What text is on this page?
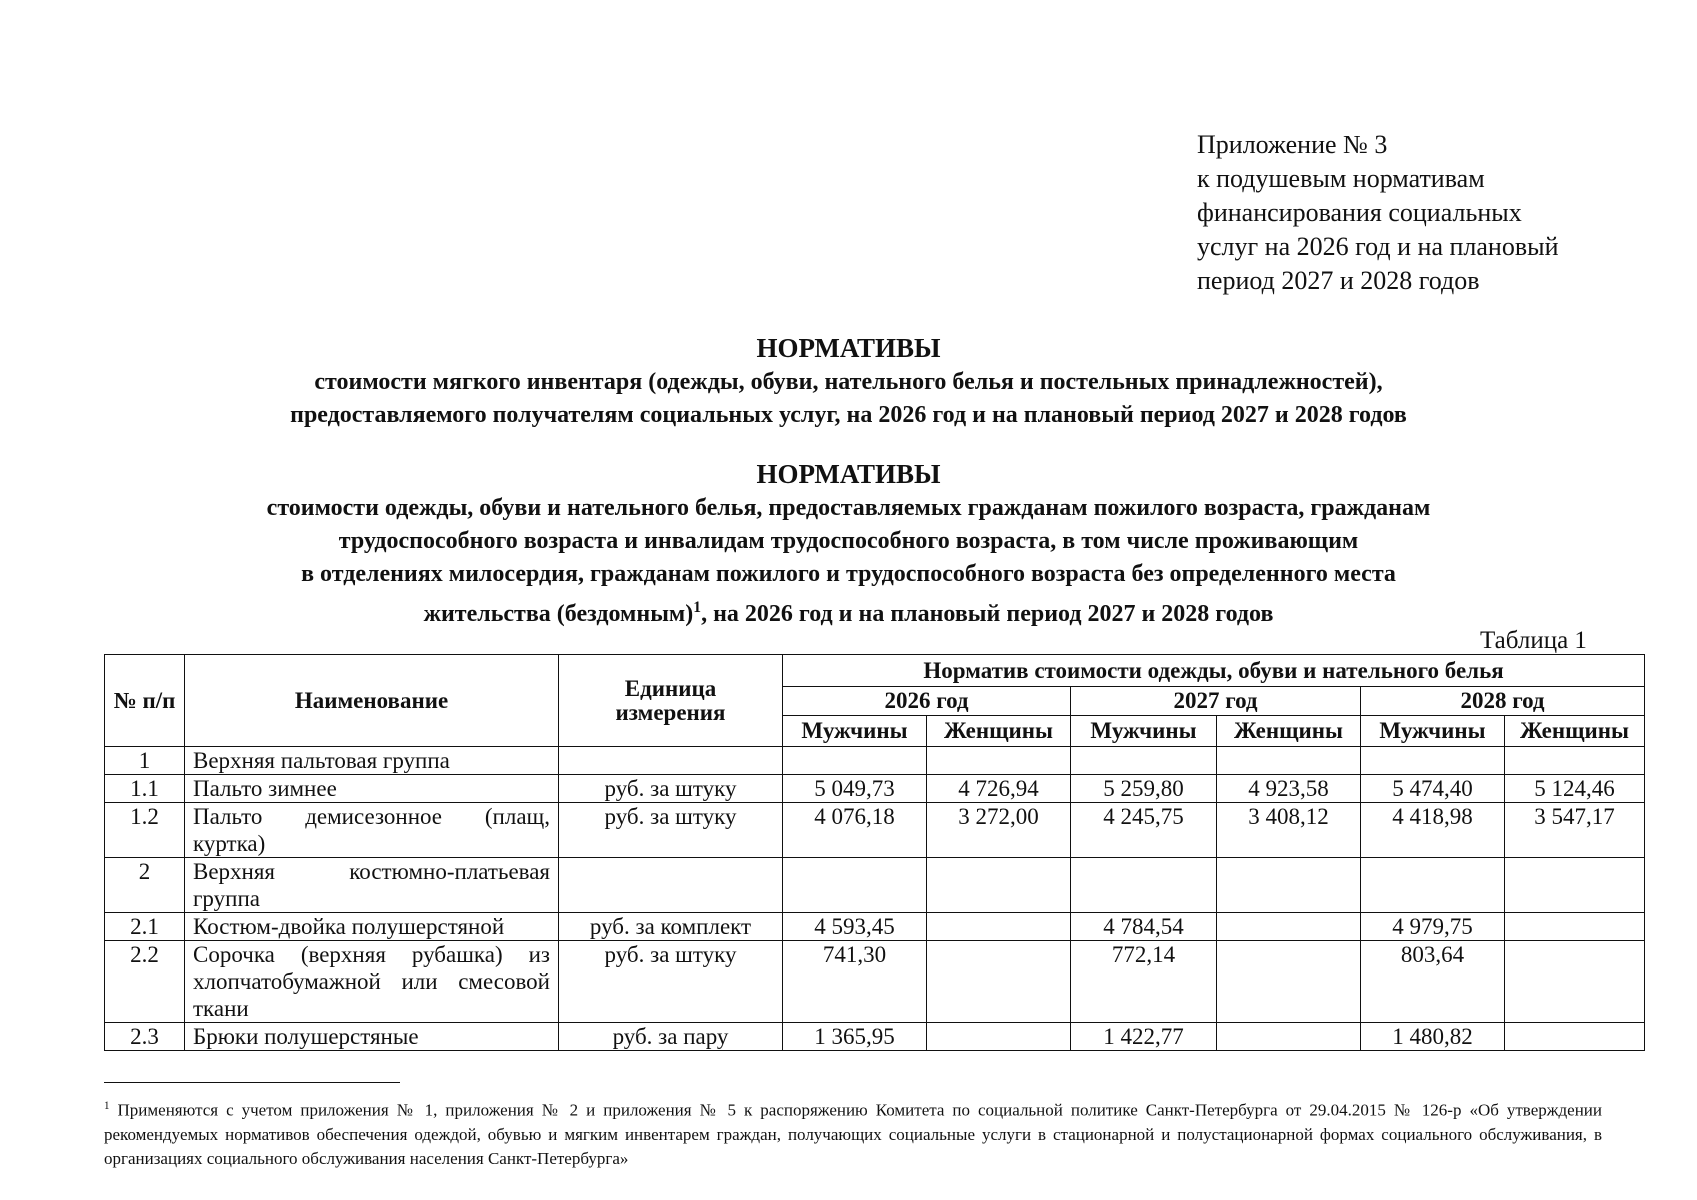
Приложение № 3
к подушевым нормативам
финансирования социальных
услуг на 2026 год и на плановый
период 2027 и 2028 годов
НОРМАТИВЫ
стоимости мягкого инвентаря (одежды, обуви, нательного белья и постельных принадлежностей),
предоставляемого получателям социальных услуг, на 2026 год и на плановый период 2027 и 2028 годов
НОРМАТИВЫ
стоимости одежды, обуви и нательного белья, предоставляемых гражданам пожилого возраста, гражданам
трудоспособного возраста и инвалидам трудоспособного возраста, в том числе проживающим
в отделениях милосердия, гражданам пожилого и трудоспособного возраста без определенного места
жительства (бездомным)$^1$, на 2026 год и на плановый период 2027 и 2028 годов
Таблица 1
№ п/п	Наименование	Единица измерения	Норматив стоимости одежды, обуви и нательного белья					
			2026 год		2027 год		2028 год	
			Мужчины	Женщины	Мужчины	Женщины	Мужчины	Женщины
1	Верхняя пальтовая группа							
1.1	Пальто зимнее	руб. за штуку	5 049,73	4 726,94	5 259,80	4 923,58	5 474,40	5 124,46
1.2	Пальто демисезонное (плащ, куртка)	руб. за штуку	4 076,18	3 272,00	4 245,75	3 408,12	4 418,98	3 547,17
2	Верхняя костюмно-платьевая группа							
2.1	Костюм-двойка полушерстяной	руб. за комплект	4 593,45		4 784,54		4 979,75	
2.2	Сорочка (верхняя рубашка) из хлопчатобумажной или смесовой ткани	руб. за штуку	741,30		772,14		803,64	
2.3	Брюки полушерстяные	руб. за пару	1 365,95		1 422,77		1 480,82	
$^1$ Применяются с учетом приложения № 1, приложения № 2 и приложения № 5 к распоряжению Комитета по социальной политике Санкт-Петербурга от 29.04.2015 № 126-р «Об утверждении рекомендуемых нормативов обеспечения одеждой, обувью и мягким инвентарем граждан, получающих социальные услуги в стационарной и полустационарной формах социального обслуживания, в организациях социального обслуживания населения Санкт-Петербурга»
